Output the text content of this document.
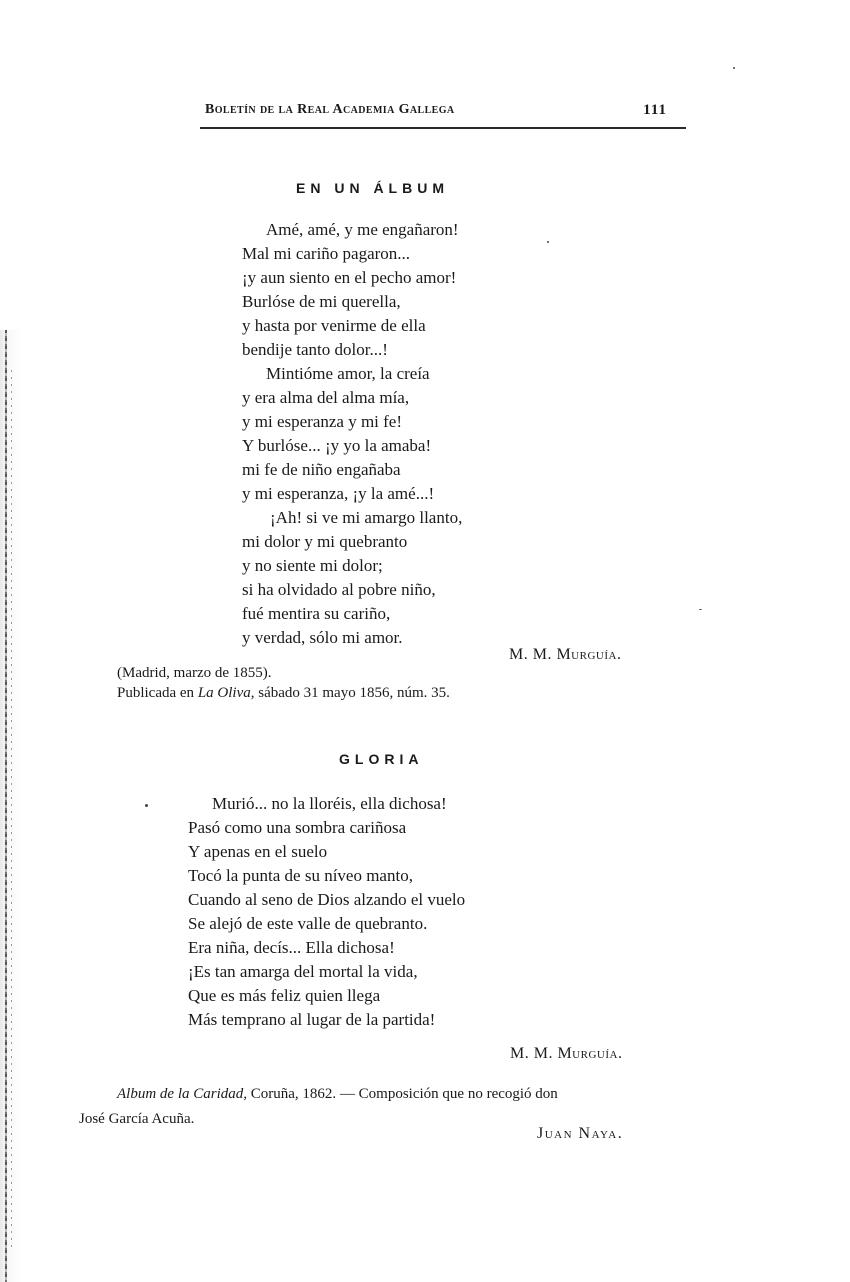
Boletín de la Real Academia Gallega	111
EN UN ÁLBUM
Amé, amé, y me engañaron!
Mal mi cariño pagaron...
¡y aun siento en el pecho amor!
Burlóse de mi querella,
y hasta por venirme de ella
bendije tanto dolor...!
Mintióme amor, la creía
y era alma del alma mía,
y mi esperanza y mi fe!
Y burlóse... ¡y yo la amaba!
mi fe de niño engañaba
y mi esperanza, ¡y la amé...!
¡Ah! si ve mi amargo llanto,
mi dolor y mi quebranto
y no siente mi dolor;
si ha olvidado al pobre niño,
fué mentira su cariño,
y verdad, sólo mi amor.
M. M. Murguía.
(Madrid, marzo de 1855).
Publicada en La Oliva, sábado 31 mayo 1856, núm. 35.
GLORIA
Murió... no la lloréis, ella dichosa!
Pasó como una sombra cariñosa
Y apenas en el suelo
Tocó la punta de su níveo manto,
Cuando al seno de Dios alzando el vuelo
Se alejó de este valle de quebranto.
Era niña, decís... Ella dichosa!
¡Es tan amarga del mortal la vida,
Que es más feliz quien llega
Más temprano al lugar de la partida!
M. M. Murguía.
Album de la Caridad, Coruña, 1862. — Composición que no recogió don
José García Acuña.
Juan Naya.
